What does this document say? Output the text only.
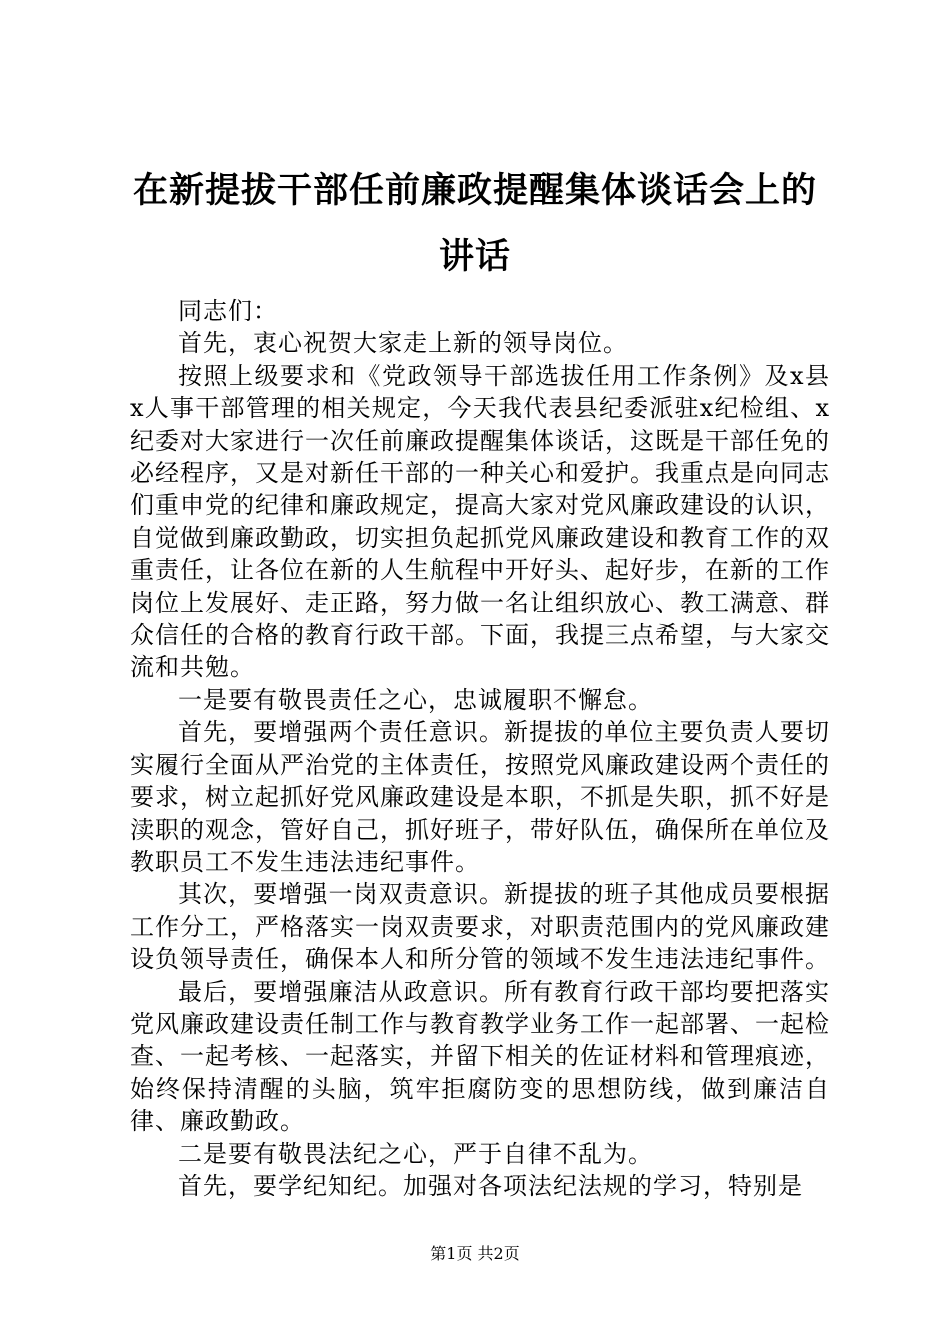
在新提拔干部任前廉政提醒集体谈话会上的讲话

同志们：

首先，衷心祝贺大家走上新的领导岗位。

按照上级要求和《党政领导干部选拔任用工作条例》及x县x人事干部管理的相关规定，今天我代表县纪委派驻x纪检组、x纪委对大家进行一次任前廉政提醒集体谈话，这既是干部任免的必经程序，又是对新任干部的一种关心和爱护。我重点是向同志们重申党的纪律和廉政规定，提高大家对党风廉政建设的认识，自觉做到廉政勤政，切实担负起抓党风廉政建设和教育工作的双重责任，让各位在新的人生航程中开好头、起好步，在新的工作岗位上发展好、走正路，努力做一名让组织放心、教工满意、群众信任的合格的教育行政干部。下面，我提三点希望，与大家交流和共勉。

一是要有敬畏责任之心，忠诚履职不懈怠。

首先，要增强两个责任意识。新提拔的单位主要负责人要切实履行全面从严治党的主体责任，按照党风廉政建设两个责任的要求，树立起抓好党风廉政建设是本职，不抓是失职，抓不好是渎职的观念，管好自己，抓好班子，带好队伍，确保所在单位及教职员工不发生违法违纪事件。

其次，要增强一岗双责意识。新提拔的班子其他成员要根据工作分工，严格落实一岗双责要求，对职责范围内的党风廉政建设负领导责任，确保本人和所分管的领域不发生违法违纪事件。

最后，要增强廉洁从政意识。所有教育行政干部均要把落实党风廉政建设责任制工作与教育教学业务工作一起部署、一起检查、一起考核、一起落实，并留下相关的佐证材料和管理痕迹，始终保持清醒的头脑，筑牢拒腐防变的思想防线，做到廉洁自律、廉政勤政。

二是要有敬畏法纪之心，严于自律不乱为。

首先，要学纪知纪。加强对各项法纪法规的学习，特别是

第1页 共2页
